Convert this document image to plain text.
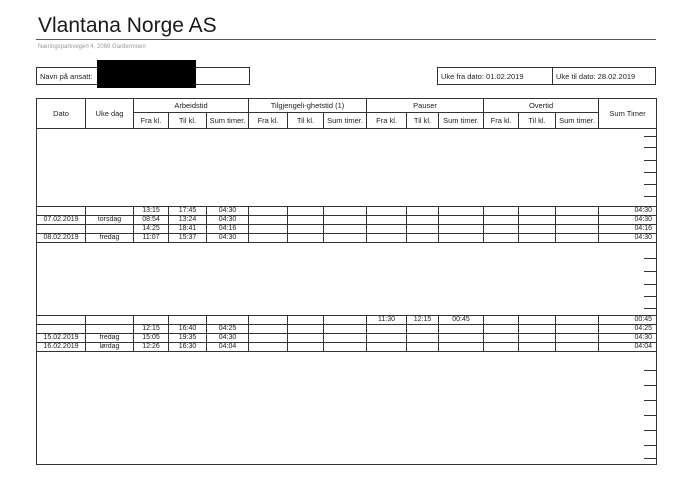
Vlantana Norge AS
Næringsparkvegen 4, 2060 Gardermoen
Navn på ansatt:	Uke fra dato: 01.02.2019	Uke til dato: 28.02.2019
Dato	Uke dag	Arbeidstid			Tilgjengeli-ghetstid (1)			Pauser			Overtid			Sum Timer
		Fra kl.	Til kl.	Sum timer.	Fra kl.	Til kl.	Sum timer.	Fra kl.	Til kl.	Sum timer.	Fra kl.	Til kl.	Sum timer.	

		13:15	17:45	04:30										04:30
07.02.2019	torsdag	08:54	13:24	04:30										04:30
		14:25	18:41	04:16										04:16
08.02.2019	fredag	11:07	15:37	04:30										04:30

								11:30	12:15	00:45				00:45
		12:15	16:40	04:25										04:25
15.02.2019	fredag	15:05	19:35	04:30										04:30
16.02.2019	lørdag	12:26	16:30	04:04										04:04
